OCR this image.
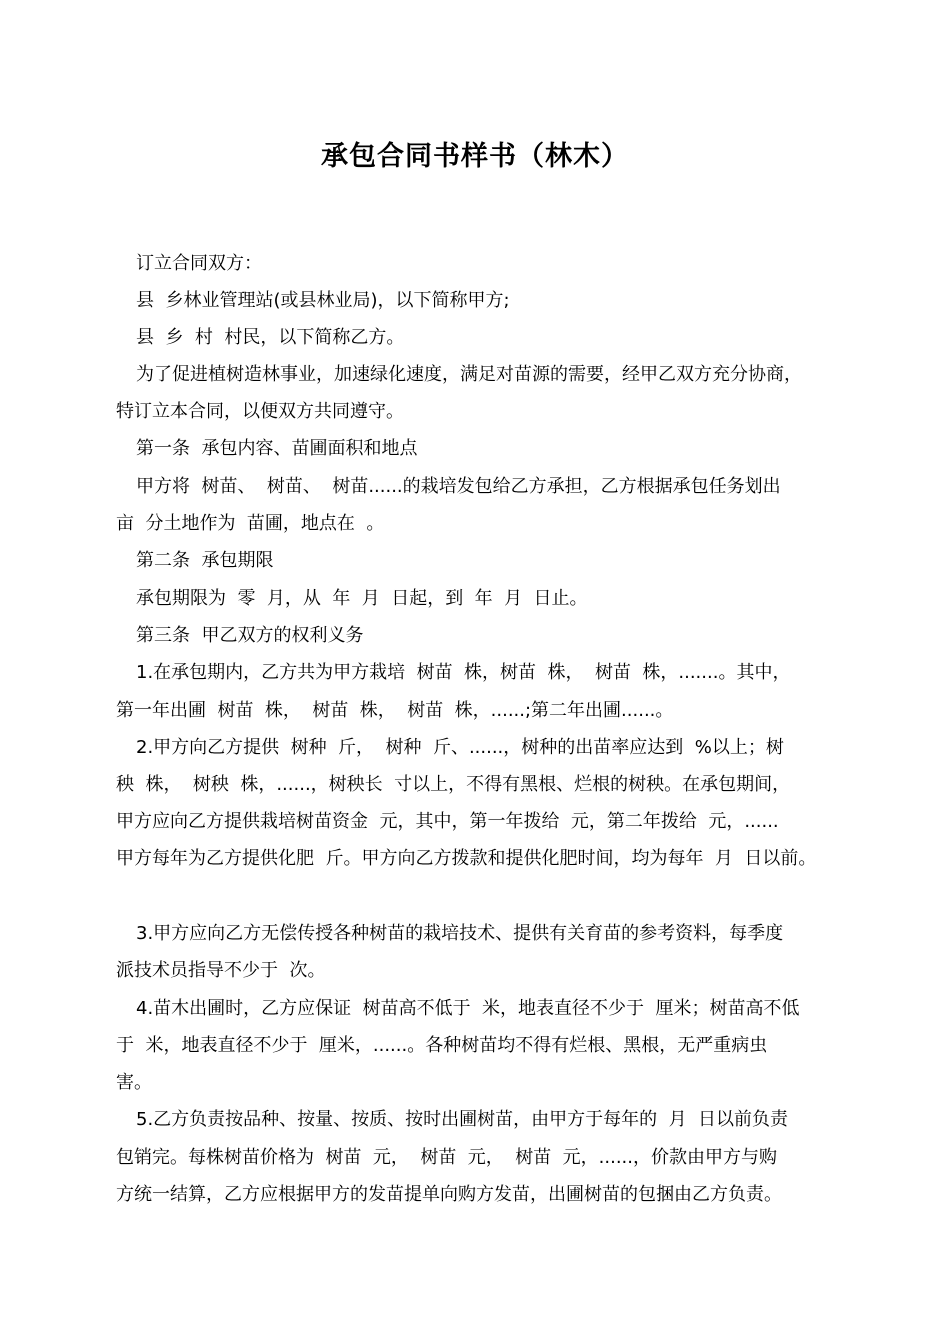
承包合同书样书（林木）

订立合同双方：

县  乡林业管理站(或县林业局)，以下简称甲方;

县  乡  村  村民，以下简称乙方。

为了促进植树造林事业，加速绿化速度，满足对苗源的需要，经甲乙双方充分协商，

特订立本合同，以便双方共同遵守。

第一条  承包内容、苗圃面积和地点

甲方将  树苗、  树苗、  树苗......的栽培发包给乙方承担，乙方根据承包任务划出

亩  分土地作为  苗圃，地点在  。

第二条  承包期限

承包期限为  零  月，从  年  月  日起，到  年  月  日止。

第三条  甲乙双方的权利义务

1.在承包期内，乙方共为甲方栽培  树苗  株，树苗  株，  树苗  株，.......。其中，

第一年出圃  树苗  株，  树苗  株，  树苗  株，......;第二年出圃......。

2.甲方向乙方提供  树种  斤，  树种  斤、......，树种的出苗率应达到  %以上；树

秧  株，  树秧  株，......，树秧长  寸以上，不得有黑根、烂根的树秧。在承包期间，

甲方应向乙方提供栽培树苗资金  元，其中，第一年拨给  元，第二年拨给  元，......

甲方每年为乙方提供化肥  斤。甲方向乙方拨款和提供化肥时间，均为每年  月  日以前。

3.甲方应向乙方无偿传授各种树苗的栽培技术、提供有关育苗的参考资料，每季度

派技术员指导不少于  次。

4.苗木出圃时，乙方应保证  树苗高不低于  米，地表直径不少于  厘米；树苗高不低

于  米，地表直径不少于  厘米，......。各种树苗均不得有烂根、黑根，无严重病虫

害。

5.乙方负责按品种、按量、按质、按时出圃树苗，由甲方于每年的  月  日以前负责

包销完。每株树苗价格为  树苗  元，  树苗  元，  树苗  元，......，价款由甲方与购

方统一结算，乙方应根据甲方的发苗提单向购方发苗，出圃树苗的包捆由乙方负责。
